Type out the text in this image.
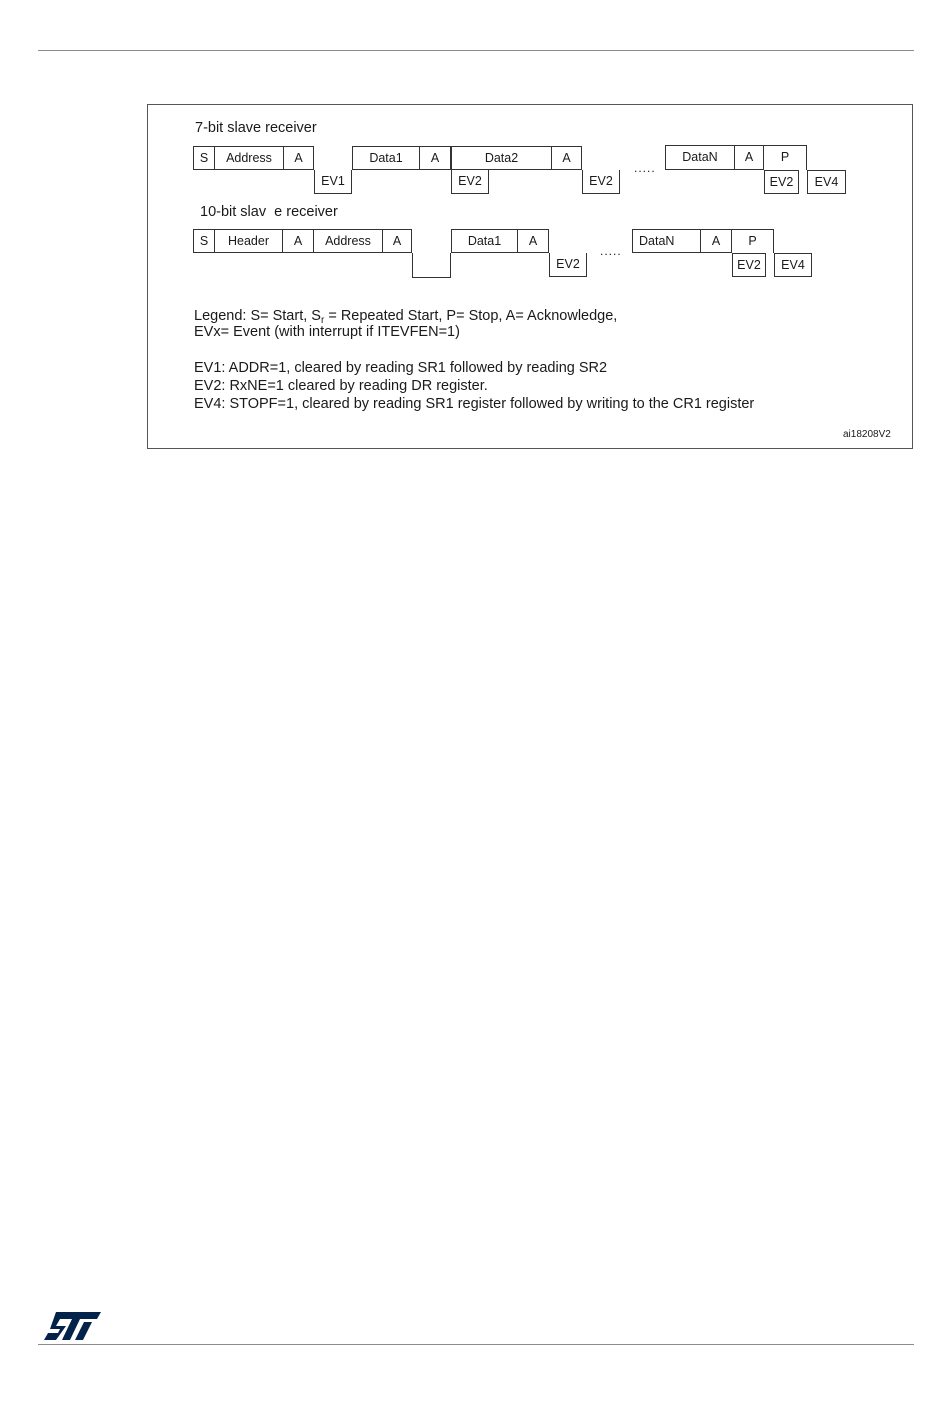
7-bit slave receiver
S	Address	A
EV1
Data1	A
EV2
Data2	A
EV2
.....
DataN	A	P
EV2	EV4
10-bit slav  e receiver
S	Header	A	Address	A	Data1	A
EV2
.....
DataN	A	P
EV2	EV4
Legend: S= Start, $S_r$ = Repeated Start, P= Stop, A= Acknowledge,
EVx= Event (with interrupt if ITEVFEN=1)
EV1: ADDR=1, cleared by reading SR1 followed by reading SR2
EV2: RxNE=1 cleared by reading DR register.
EV4: STOPF=1, cleared by reading SR1 register followed by writing to the CR1 register
ai18208V2
